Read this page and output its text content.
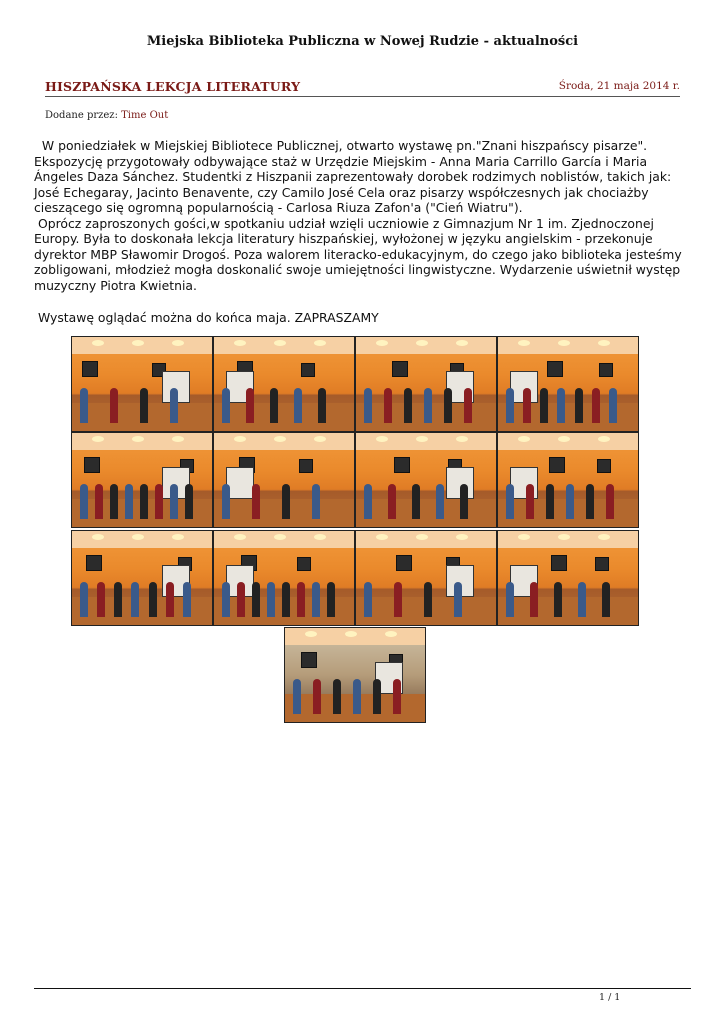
Miejska Biblioteka Publiczna w Nowej Rudzie - aktualności
HISZPAŃSKA LEKCJA LITERATURY	Środa, 21 maja 2014 r.
Dodane przez: Time Out

W poniedziałek w Miejskiej Bibliotece Publicznej, otwarto wystawę pn."Znani hiszpańscy pisarze". Ekspozycję przygotowały odbywające staż w Urzędzie Miejskim - Anna Maria Carrillo García i Maria Ángeles Daza Sánchez. Studentki z Hiszpanii zaprezentowały dorobek rodzimych noblistów, takich jak: José Echegaray, Jacinto Benavente, czy Camilo José Cela oraz pisarzy współczesnych jak chociażby cieszącego się ogromną popularnością - Carlosa Riuza Zafon'a ("Cień Wiatru").

Oprócz zaproszonych gości,w spotkaniu udział wzięli uczniowie z Gimnazjum Nr 1 im. Zjednoczonej Europy. Była to doskonała lekcja literatury hiszpańskiej, wyłożonej w języku angielskim - przekonuje dyrektor MBP Sławomir Drogoś. Poza walorem literacko-edukacyjnym, do czego jako biblioteka jesteśmy zobligowani, młodzież mogła doskonalić swoje umiejętności lingwistyczne. Wydarzenie uświetnił występ muzyczny Piotra Kwietnia.

Wystawę oglądać można do końca maja. ZAPRASZAMY

1 / 1
